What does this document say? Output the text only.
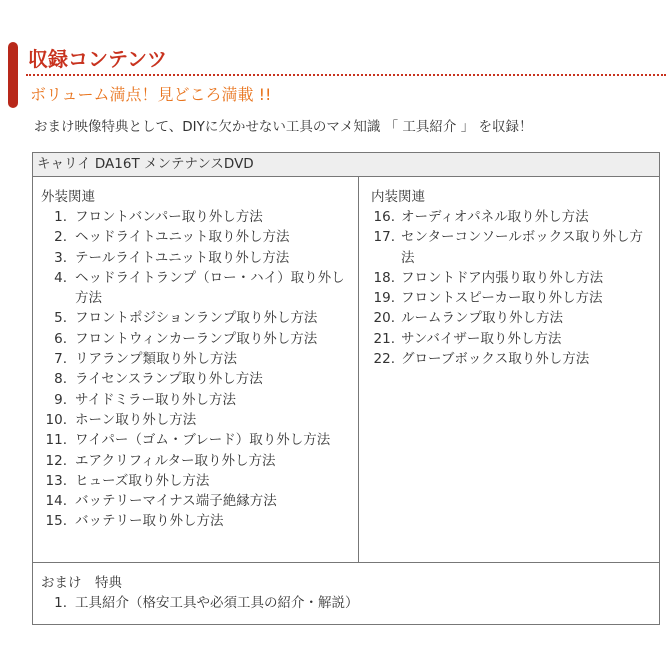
収録コンテンツ
ボリューム満点！見どころ満載 !!
おまけ映像特典として、DIYに欠かせない工具のマメ知識 「 工具紹介 」 を収録！
キャリイ DA16T メンテナンスDVD
外装関連
1. フロントバンパー取り外し方法
2. ヘッドライトユニット取り外し方法
3. テールライトユニット取り外し方法
4. ヘッドライトランプ（ロー・ハイ）取り外し方法
5. フロントポジションランプ取り外し方法
6. フロントウィンカーランプ取り外し方法
7. リアランプ類取り外し方法
8. ライセンスランプ取り外し方法
9. サイドミラー取り外し方法
10. ホーン取り外し方法
11. ワイパー（ゴム・ブレード）取り外し方法
12. エアクリフィルター取り外し方法
13. ヒューズ取り外し方法
14. バッテリーマイナス端子絶縁方法
15. バッテリー取り外し方法
内装関連
16. オーディオパネル取り外し方法
17. センターコンソールボックス取り外し方法
18. フロントドア内張り取り外し方法
19. フロントスピーカー取り外し方法
20. ルームランプ取り外し方法
21. サンバイザー取り外し方法
22. グローブボックス取り外し方法
おまけ　特典
1. 工具紹介（格安工具や必須工具の紹介・解説）
